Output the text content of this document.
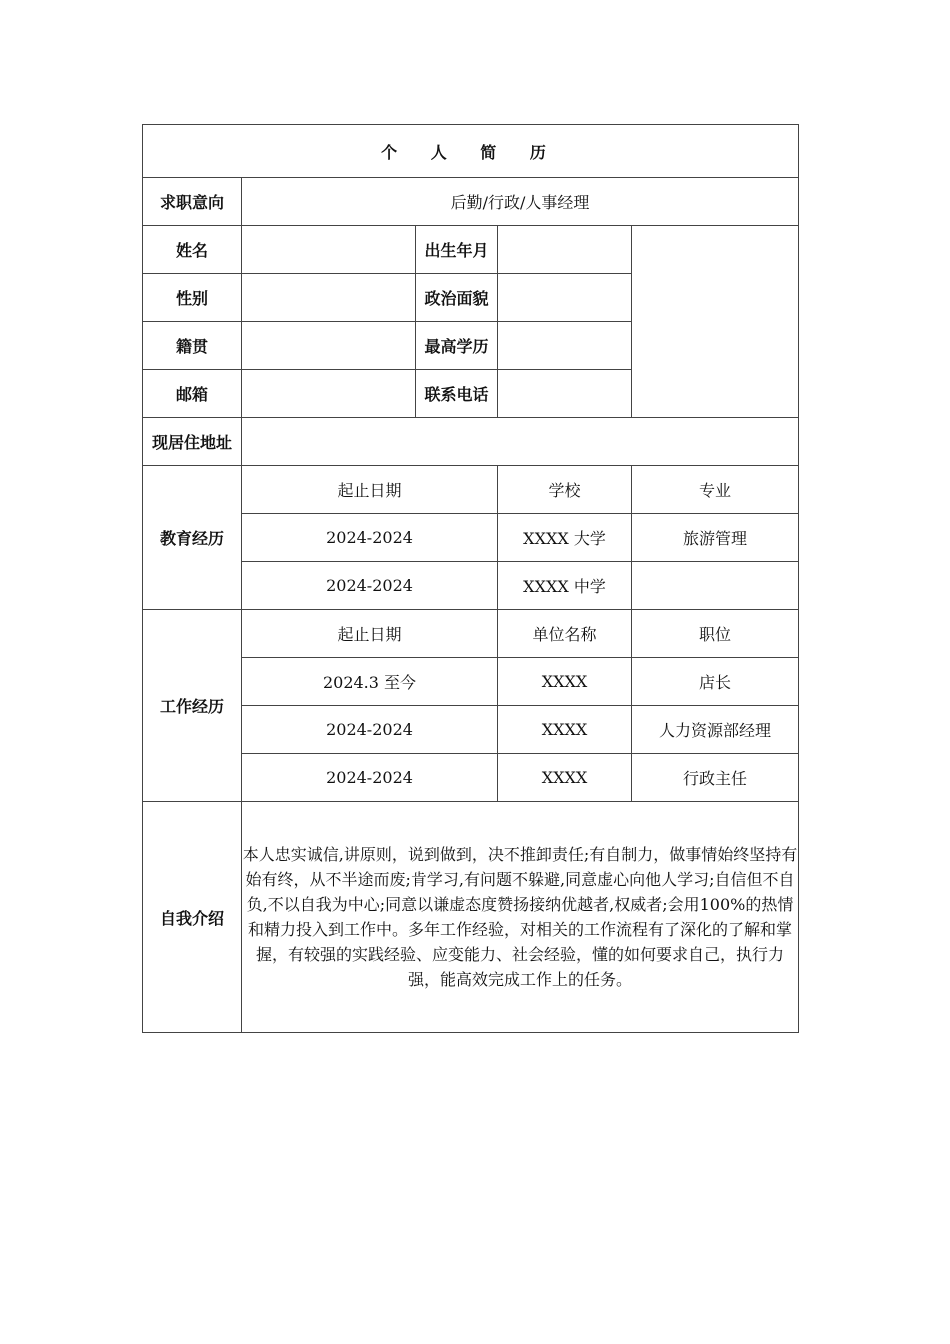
个 人 简 历				
求职意向	后勤/行政/人事经理			
姓名		出生年月		
性别		政治面貌		
籍贯		最高学历		
邮箱		联系电话		
现居住地址				
教育经历	起止日期		学校	专业
	2024-2024		XXXX 大学	旅游管理
	2024-2024		XXXX 中学	
工作经历	起止日期		单位名称	职位
	2024.3 至今		XXXX	店长
	2024-2024		XXXX	人力资源部经理
	2024-2024		XXXX	行政主任
自我介绍	本人忠实诚信,讲原则，说到做到，决不推卸责任;有自制力，做事情始终坚持有始有终，从不半途而废;肯学习,有问题不躲避,同意虚心向他人学习;自信但不自负,不以自我为中心;同意以谦虚态度赞扬接纳优越者,权威者;会用100%的热情和精力投入到工作中。多年工作经验，对相关的工作流程有了深化的了解和掌握，有较强的实践经验、应变能力、社会经验，懂的如何要求自己，执行力强，能高效完成工作上的任务。			
